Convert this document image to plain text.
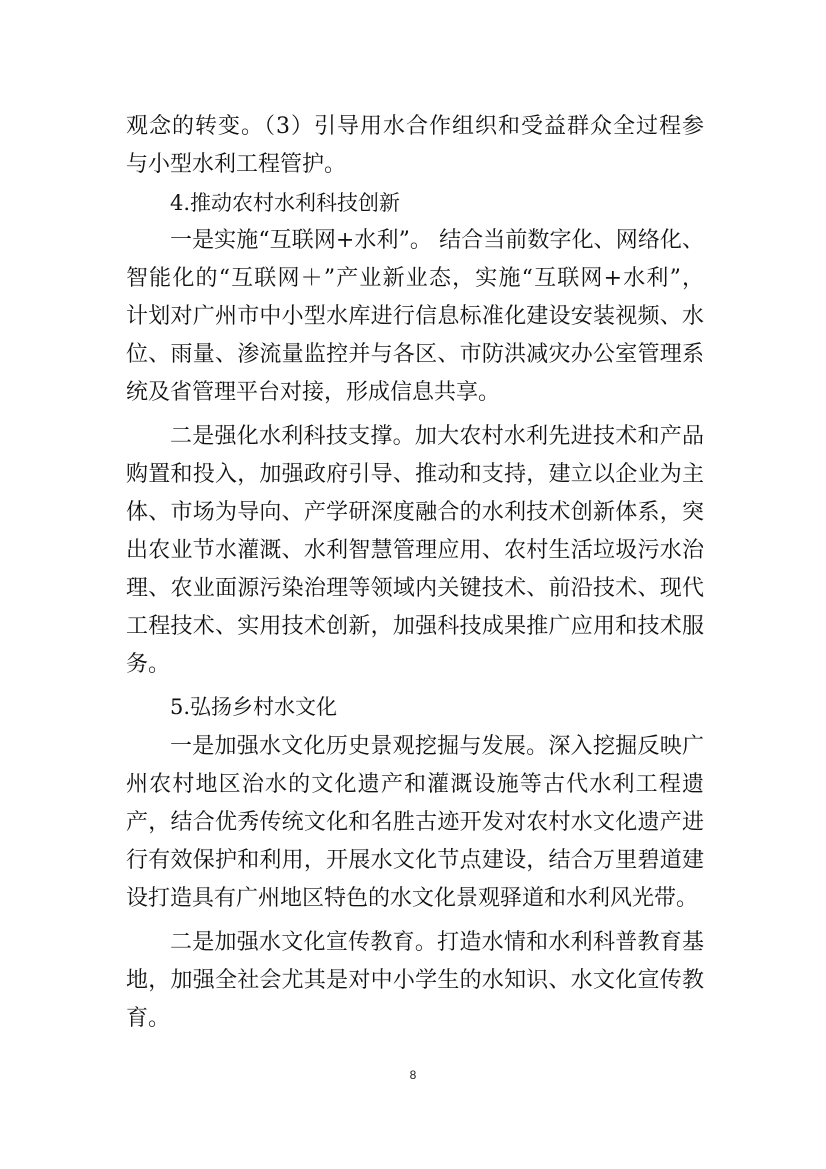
观念的转变。（3）引导用水合作组织和受益群众全过程参
与小型水利工程管护。
4.推动农村水利科技创新
一是实施“互联网+水利”。 结合当前数字化、网络化、
智能化的“互联网＋”产业新业态，实施“互联网+水利”，
计划对广州市中小型水库进行信息标准化建设安装视频、水
位、雨量、渗流量监控并与各区、市防洪减灾办公室管理系
统及省管理平台对接，形成信息共享。
二是强化水利科技支撑。加大农村水利先进技术和产品
购置和投入，加强政府引导、推动和支持，建立以企业为主
体、市场为导向、产学研深度融合的水利技术创新体系，突
出农业节水灌溉、水利智慧管理应用、农村生活垃圾污水治
理、农业面源污染治理等领域内关键技术、前沿技术、现代
工程技术、实用技术创新，加强科技成果推广应用和技术服
务。
5.弘扬乡村水文化
一是加强水文化历史景观挖掘与发展。深入挖掘反映广
州农村地区治水的文化遗产和灌溉设施等古代水利工程遗
产，结合优秀传统文化和名胜古迹开发对农村水文化遗产进
行有效保护和利用，开展水文化节点建设，结合万里碧道建
设打造具有广州地区特色的水文化景观驿道和水利风光带。
二是加强水文化宣传教育。打造水情和水利科普教育基
地，加强全社会尤其是对中小学生的水知识、水文化宣传教
育。
8
